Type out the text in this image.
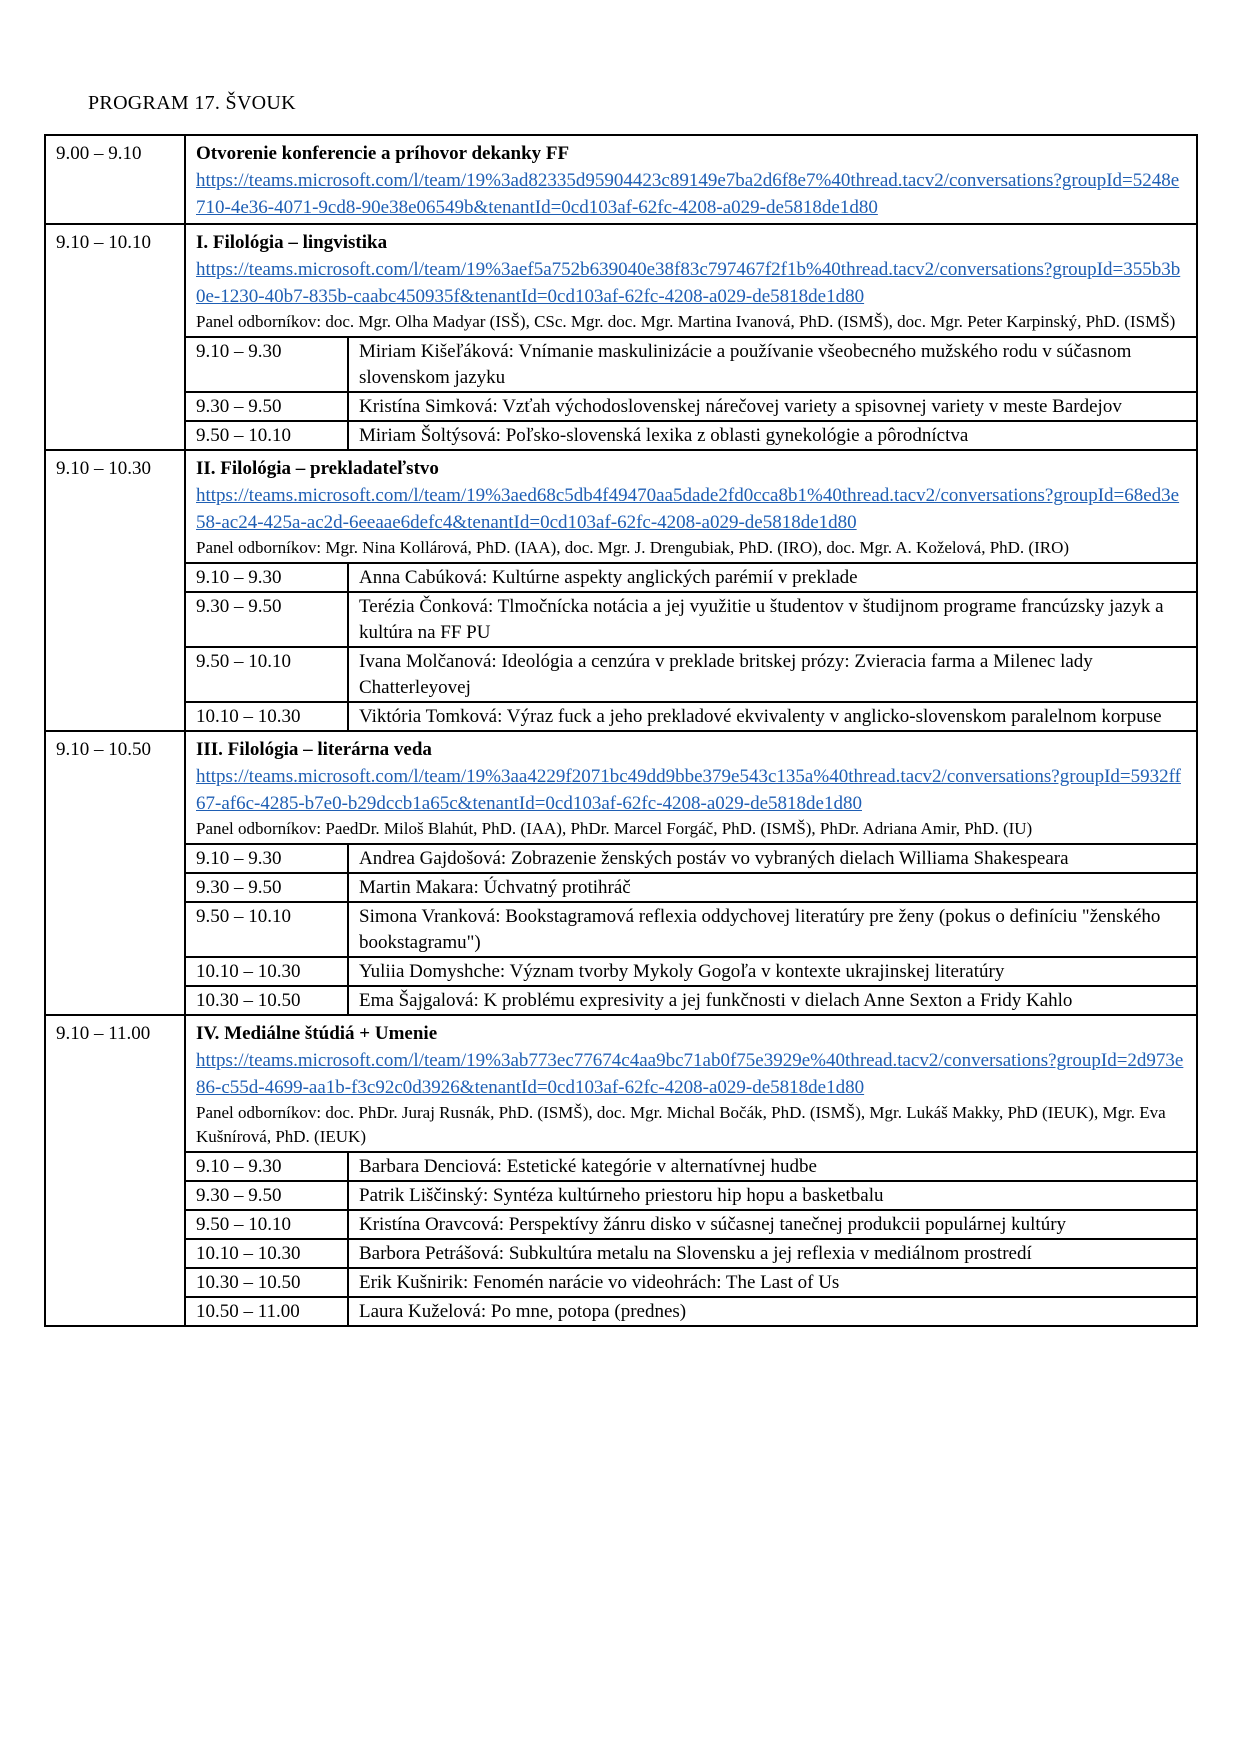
PROGRAM 17. ŠVOUK
9.00 – 9.10	Otvorenie konferencie a príhovor dekanky FF
https://teams.microsoft.com/l/team/19%3ad82335d95904423c89149e7ba2d6f8e7%40thread.tacv2/conversations?groupId=5248e710-4e36-4071-9cd8-90e38e06549b&tenantId=0cd103af-62fc-4208-a029-de5818de1d80

9.10 – 10.10	I. Filológia – lingvistika
https://teams.microsoft.com/l/team/19%3aef5a752b639040e38f83c797467f2f1b%40thread.tacv2/conversations?groupId=355b3b0e-1230-40b7-835b-caabc450935f&tenantId=0cd103af-62fc-4208-a029-de5818de1d80
Panel odborníkov: doc. Mgr. Olha Madyar (ISŠ), CSc. Mgr. doc. Mgr. Martina Ivanová, PhD. (ISMŠ), doc. Mgr. Peter Karpinský, PhD. (ISMŠ)
9.10 – 9.30	Miriam Kišeľáková: Vnímanie maskulinizácie a používanie všeobecného mužského rodu v súčasnom slovenskom jazyku
9.30 – 9.50	Kristína Simková: Vzťah východoslovenskej nárečovej variety a spisovnej variety v meste Bardejov
9.50 – 10.10	Miriam Šoltýsová: Poľsko-slovenská lexika z oblasti gynekológie a pôrodníctva

9.10 – 10.30	II. Filológia – prekladateľstvo
https://teams.microsoft.com/l/team/19%3aed68c5db4f49470aa5dade2fd0cca8b1%40thread.tacv2/conversations?groupId=68ed3e58-ac24-425a-ac2d-6eeaae6defc4&tenantId=0cd103af-62fc-4208-a029-de5818de1d80
Panel odborníkov: Mgr. Nina Kollárová, PhD. (IAA), doc. Mgr. J. Drengubiak, PhD. (IRO), doc. Mgr. A. Koželová, PhD. (IRO)
9.10 – 9.30	Anna Cabúková: Kultúrne aspekty anglických parémií v preklade
9.30 – 9.50	Terézia Čonková: Tlmočnícka notácia a jej využitie u študentov v študijnom programe francúzsky jazyk a kultúra na FF PU
9.50 – 10.10	Ivana Molčanová: Ideológia a cenzúra v preklade britskej prózy: Zvieracia farma a Milenec lady Chatterleyovej
10.10 – 10.30	Viktória Tomková: Výraz fuck a jeho prekladové ekvivalenty v anglicko-slovenskom paralelnom korpuse

9.10 – 10.50	III. Filológia – literárna veda
https://teams.microsoft.com/l/team/19%3aa4229f2071bc49dd9bbe379e543c135a%40thread.tacv2/conversations?groupId=5932ff67-af6c-4285-b7e0-b29dccb1a65c&tenantId=0cd103af-62fc-4208-a029-de5818de1d80
Panel odborníkov: PaedDr. Miloš Blahút, PhD. (IAA), PhDr. Marcel Forgáč, PhD. (ISMŠ), PhDr. Adriana Amir, PhD. (IU)
9.10 – 9.30	Andrea Gajdošová: Zobrazenie ženských postáv vo vybraných dielach Williama Shakespeara
9.30 – 9.50	Martin Makara: Úchvatný protihráč
9.50 – 10.10	Simona Vranková: Bookstagramová reflexia oddychovej literatúry pre ženy (pokus o definíciu "ženského bookstagramu")
10.10 – 10.30	Yuliia Domyshche: Význam tvorby Mykoly Gogoľa v kontexte ukrajinskej literatúry
10.30 – 10.50	Ema Šajgalová: K problému expresivity a jej funkčnosti v dielach Anne Sexton a Fridy Kahlo

9.10 – 11.00	IV. Mediálne štúdiá + Umenie
https://teams.microsoft.com/l/team/19%3ab773ec77674c4aa9bc71ab0f75e3929e%40thread.tacv2/conversations?groupId=2d973e86-c55d-4699-aa1b-f3c92c0d3926&tenantId=0cd103af-62fc-4208-a029-de5818de1d80
Panel odborníkov: doc. PhDr. Juraj Rusnák, PhD. (ISMŠ), doc. Mgr. Michal Bočák, PhD. (ISMŠ), Mgr. Lukáš Makky, PhD (IEUK), Mgr. Eva Kušnírová, PhD. (IEUK)
9.10 – 9.30	Barbara Denciová: Estetické kategórie v alternatívnej hudbe
9.30 – 9.50	Patrik Liščinský: Syntéza kultúrneho priestoru hip hopu a basketbalu
9.50 – 10.10	Kristína Oravcová: Perspektívy žánru disko v súčasnej tanečnej produkcii populárnej kultúry
10.10 – 10.30	Barbora Petrášová: Subkultúra metalu na Slovensku a jej reflexia v mediálnom prostredí
10.30 – 10.50	Erik Kušnirik: Fenomén narácie vo videohrách: The Last of Us
10.50 – 11.00	Laura Kuželová: Po mne, potopa (prednes)
